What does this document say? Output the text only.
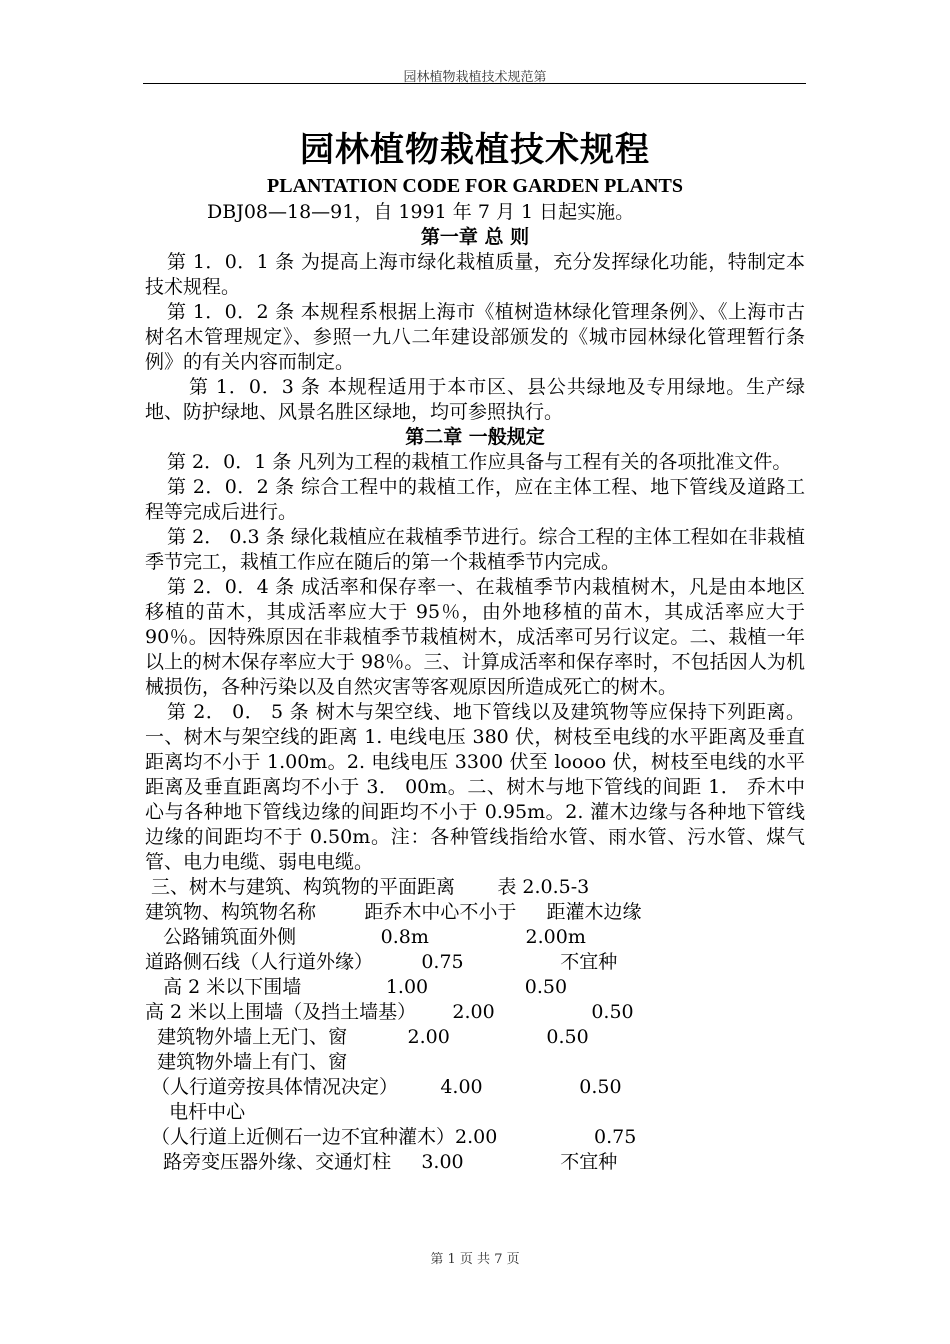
园林植物栽植技术规范第
园林植物栽植技术规程

PLANTATION CODE FOR GARDEN PLANTS

DBJ08—18—91，自 1991 年 7 月 1 日起实施。

第一章 总 则

第 1．0．1 条 为提高上海市绿化栽植质量，充分发挥绿化功能，特制定本技术规程。

第 1．0．2 条 本规程系根据上海市《植树造林绿化管理条例》、《上海市古树名木管理规定》、参照一九八二年建设部颁发的《城市园林绿化管理暂行条例》的有关内容而制定。

第 1．0．3 条 本规程适用于本市区、县公共绿地及专用绿地。生产绿地、防护绿地、风景名胜区绿地，均可参照执行。

第二章 一般规定

第 2．0．1 条 凡列为工程的栽植工作应具备与工程有关的各项批准文件。

第 2．0．2 条 综合工程中的栽植工作，应在主体工程、地下管线及道路工程等完成后进行。

第 2． 0.3 条 绿化栽植应在栽植季节进行。综合工程的主体工程如在非栽植季节完工，栽植工作应在随后的第一个栽植季节内完成。

第 2．0．4 条 成活率和保存率一、在栽植季节内栽植树木，凡是由本地区移植的苗木，其成活率应大于 95％，由外地移植的苗木，其成活率应大于 90％。因特殊原因在非栽植季节栽植树木，成活率可另行议定。二、栽植一年以上的树木保存率应大于 98％。三、计算成活率和保存率时，不包括因人为机械损伤，各种污染以及自然灾害等客观原因所造成死亡的树木。

第 2． 0． 5 条 树木与架空线、地下管线以及建筑物等应保持下列距离。一、树木与架空线的距离 1. 电线电压 380 伏，树枝至电线的水平距离及垂直距离均不小于 1.00m。2. 电线电压 3300 伏至 loooo 伏，树枝至电线的水平距离及垂直距离均不小于 3． 00m。二、树木与地下管线的间距 1． 乔木中心与各种地下管线边缘的间距均不小于 0.95m。2. 灌木边缘与各种地下管线边缘的间距均不于 0.50m。注：各种管线指给水管、雨水管、污水管、煤气管、电力电缆、弱电电缆。

三、树木与建筑、构筑物的平面距离       表 2.0.5-3

建筑物、构筑物名称        距乔木中心不小于     距灌木边缘

公路铺筑面外侧              0.8m                2.00m

道路侧石线（人行道外缘）        0.75                不宜种

高 2 米以下围墙              1.00                0.50

高 2 米以上围墙（及挡土墙基）      2.00                0.50

建筑物外墙上无门、窗          2.00                0.50

建筑物外墙上有门、窗

（人行道旁按具体情况决定）       4.00                0.50

电杆中心

（人行道上近侧石一边不宜种灌木）2.00                0.75

路旁变压器外缘、交通灯柱     3.00                不宜种

第 1 页 共 7 页
